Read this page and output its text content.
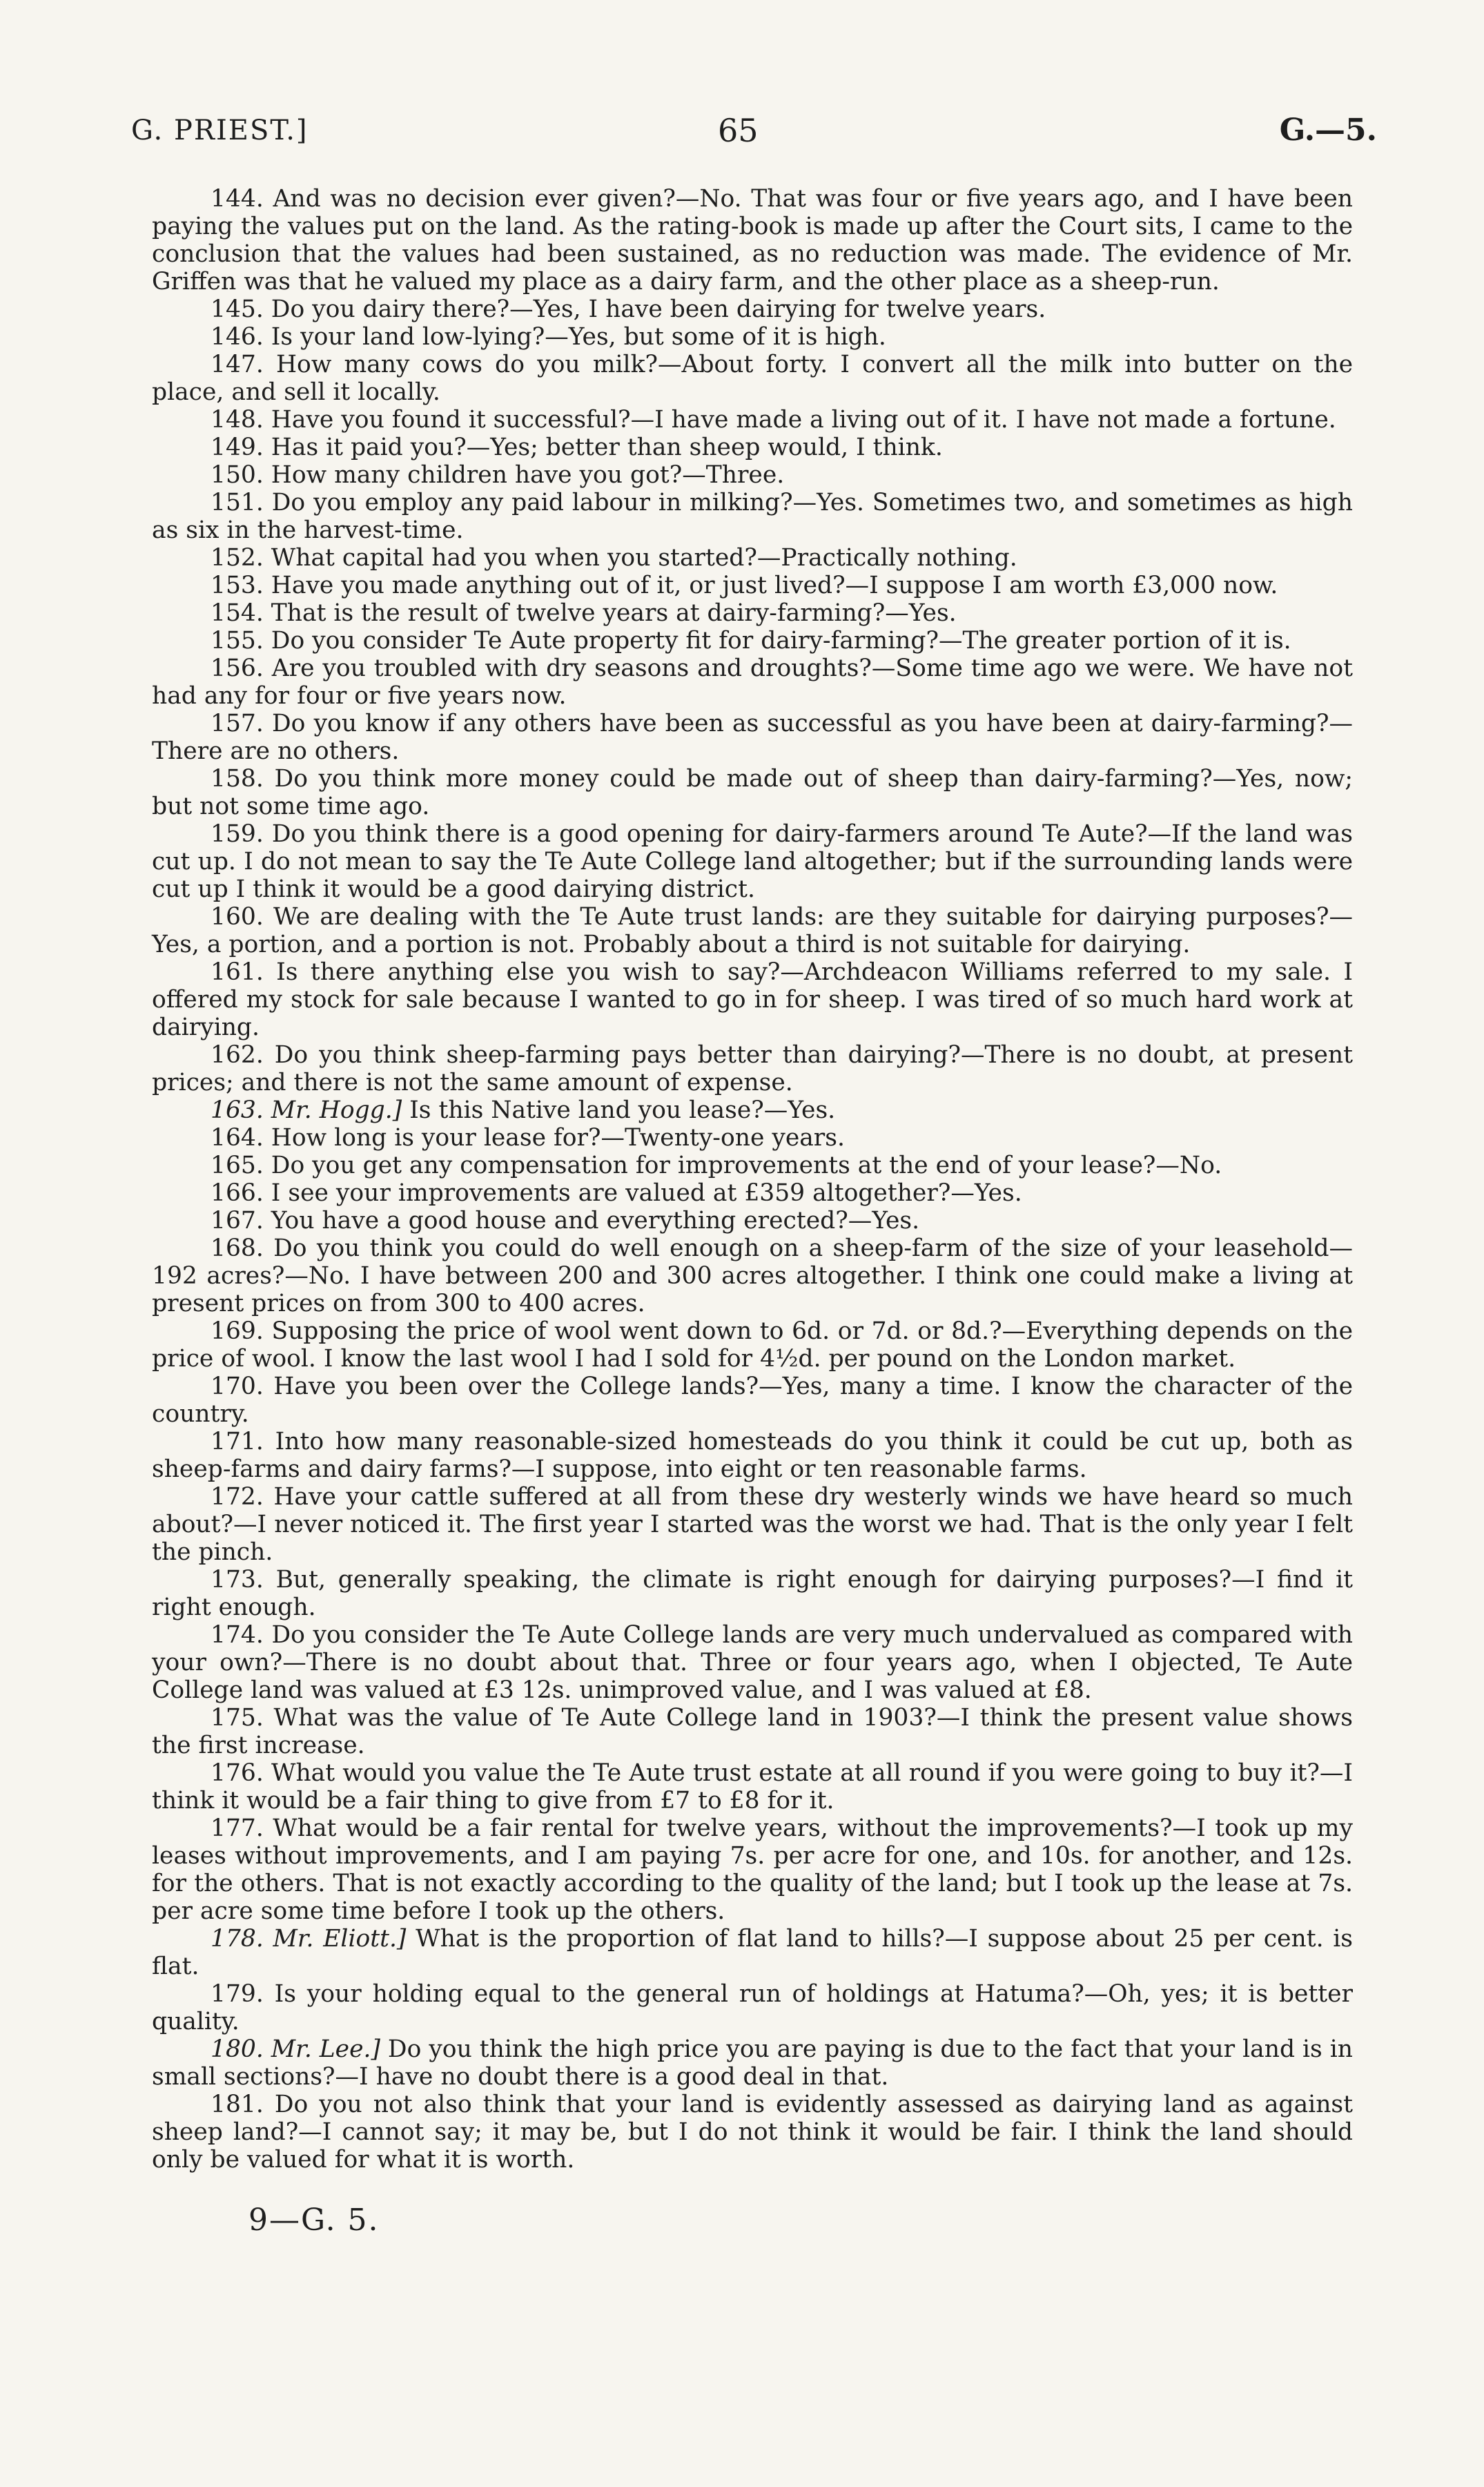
G. PRIEST.]	65	G.—5.

144. And was no decision ever given?—No. That was four or five years ago, and I have been paying the values put on the land. As the rating-book is made up after the Court sits, I came to the conclusion that the values had been sustained, as no reduction was made. The evidence of Mr. Griffen was that he valued my place as a dairy farm, and the other place as a sheep-run.

145. Do you dairy there?—Yes, I have been dairying for twelve years.

146. Is your land low-lying?—Yes, but some of it is high.

147. How many cows do you milk?—About forty. I convert all the milk into butter on the place, and sell it locally.

148. Have you found it successful?—I have made a living out of it. I have not made a fortune.

149. Has it paid you?—Yes; better than sheep would, I think.

150. How many children have you got?—Three.

151. Do you employ any paid labour in milking?—Yes. Sometimes two, and sometimes as high as six in the harvest-time.

152. What capital had you when you started?—Practically nothing.

153. Have you made anything out of it, or just lived?—I suppose I am worth £3,000 now.

154. That is the result of twelve years at dairy-farming?—Yes.

155. Do you consider Te Aute property fit for dairy-farming?—The greater portion of it is.

156. Are you troubled with dry seasons and droughts?—Some time ago we were. We have not had any for four or five years now.

157. Do you know if any others have been as successful as you have been at dairy-farming?—There are no others.

158. Do you think more money could be made out of sheep than dairy-farming?—Yes, now; but not some time ago.

159. Do you think there is a good opening for dairy-farmers around Te Aute?—If the land was cut up. I do not mean to say the Te Aute College land altogether; but if the surrounding lands were cut up I think it would be a good dairying district.

160. We are dealing with the Te Aute trust lands: are they suitable for dairying purposes?—Yes, a portion, and a portion is not. Probably about a third is not suitable for dairying.

161. Is there anything else you wish to say?—Archdeacon Williams referred to my sale. I offered my stock for sale because I wanted to go in for sheep. I was tired of so much hard work at dairying.

162. Do you think sheep-farming pays better than dairying?—There is no doubt, at present prices; and there is not the same amount of expense.

163. Mr. Hogg.] Is this Native land you lease?—Yes.

164. How long is your lease for?—Twenty-one years.

165. Do you get any compensation for improvements at the end of your lease?—No.

166. I see your improvements are valued at £359 altogether?—Yes.

167. You have a good house and everything erected?—Yes.

168. Do you think you could do well enough on a sheep-farm of the size of your leasehold—192 acres?—No. I have between 200 and 300 acres altogether. I think one could make a living at present prices on from 300 to 400 acres.

169. Supposing the price of wool went down to 6d. or 7d. or 8d.?—Everything depends on the price of wool. I know the last wool I had I sold for 4½d. per pound on the London market.

170. Have you been over the College lands?—Yes, many a time. I know the character of the country.

171. Into how many reasonable-sized homesteads do you think it could be cut up, both as sheep-farms and dairy farms?—I suppose, into eight or ten reasonable farms.

172. Have your cattle suffered at all from these dry westerly winds we have heard so much about?—I never noticed it. The first year I started was the worst we had. That is the only year I felt the pinch.

173. But, generally speaking, the climate is right enough for dairying purposes?—I find it right enough.

174. Do you consider the Te Aute College lands are very much undervalued as compared with your own?—There is no doubt about that. Three or four years ago, when I objected, Te Aute College land was valued at £3 12s. unimproved value, and I was valued at £8.

175. What was the value of Te Aute College land in 1903?—I think the present value shows the first increase.

176. What would you value the Te Aute trust estate at all round if you were going to buy it?—I think it would be a fair thing to give from £7 to £8 for it.

177. What would be a fair rental for twelve years, without the improvements?—I took up my leases without improvements, and I am paying 7s. per acre for one, and 10s. for another, and 12s. for the others. That is not exactly according to the quality of the land; but I took up the lease at 7s. per acre some time before I took up the others.

178. Mr. Eliott.] What is the proportion of flat land to hills?—I suppose about 25 per cent. is flat.

179. Is your holding equal to the general run of holdings at Hatuma?—Oh, yes; it is better quality.

180. Mr. Lee.] Do you think the high price you are paying is due to the fact that your land is in small sections?—I have no doubt there is a good deal in that.

181. Do you not also think that your land is evidently assessed as dairying land as against sheep land?—I cannot say; it may be, but I do not think it would be fair. I think the land should only be valued for what it is worth.

9—G. 5.
